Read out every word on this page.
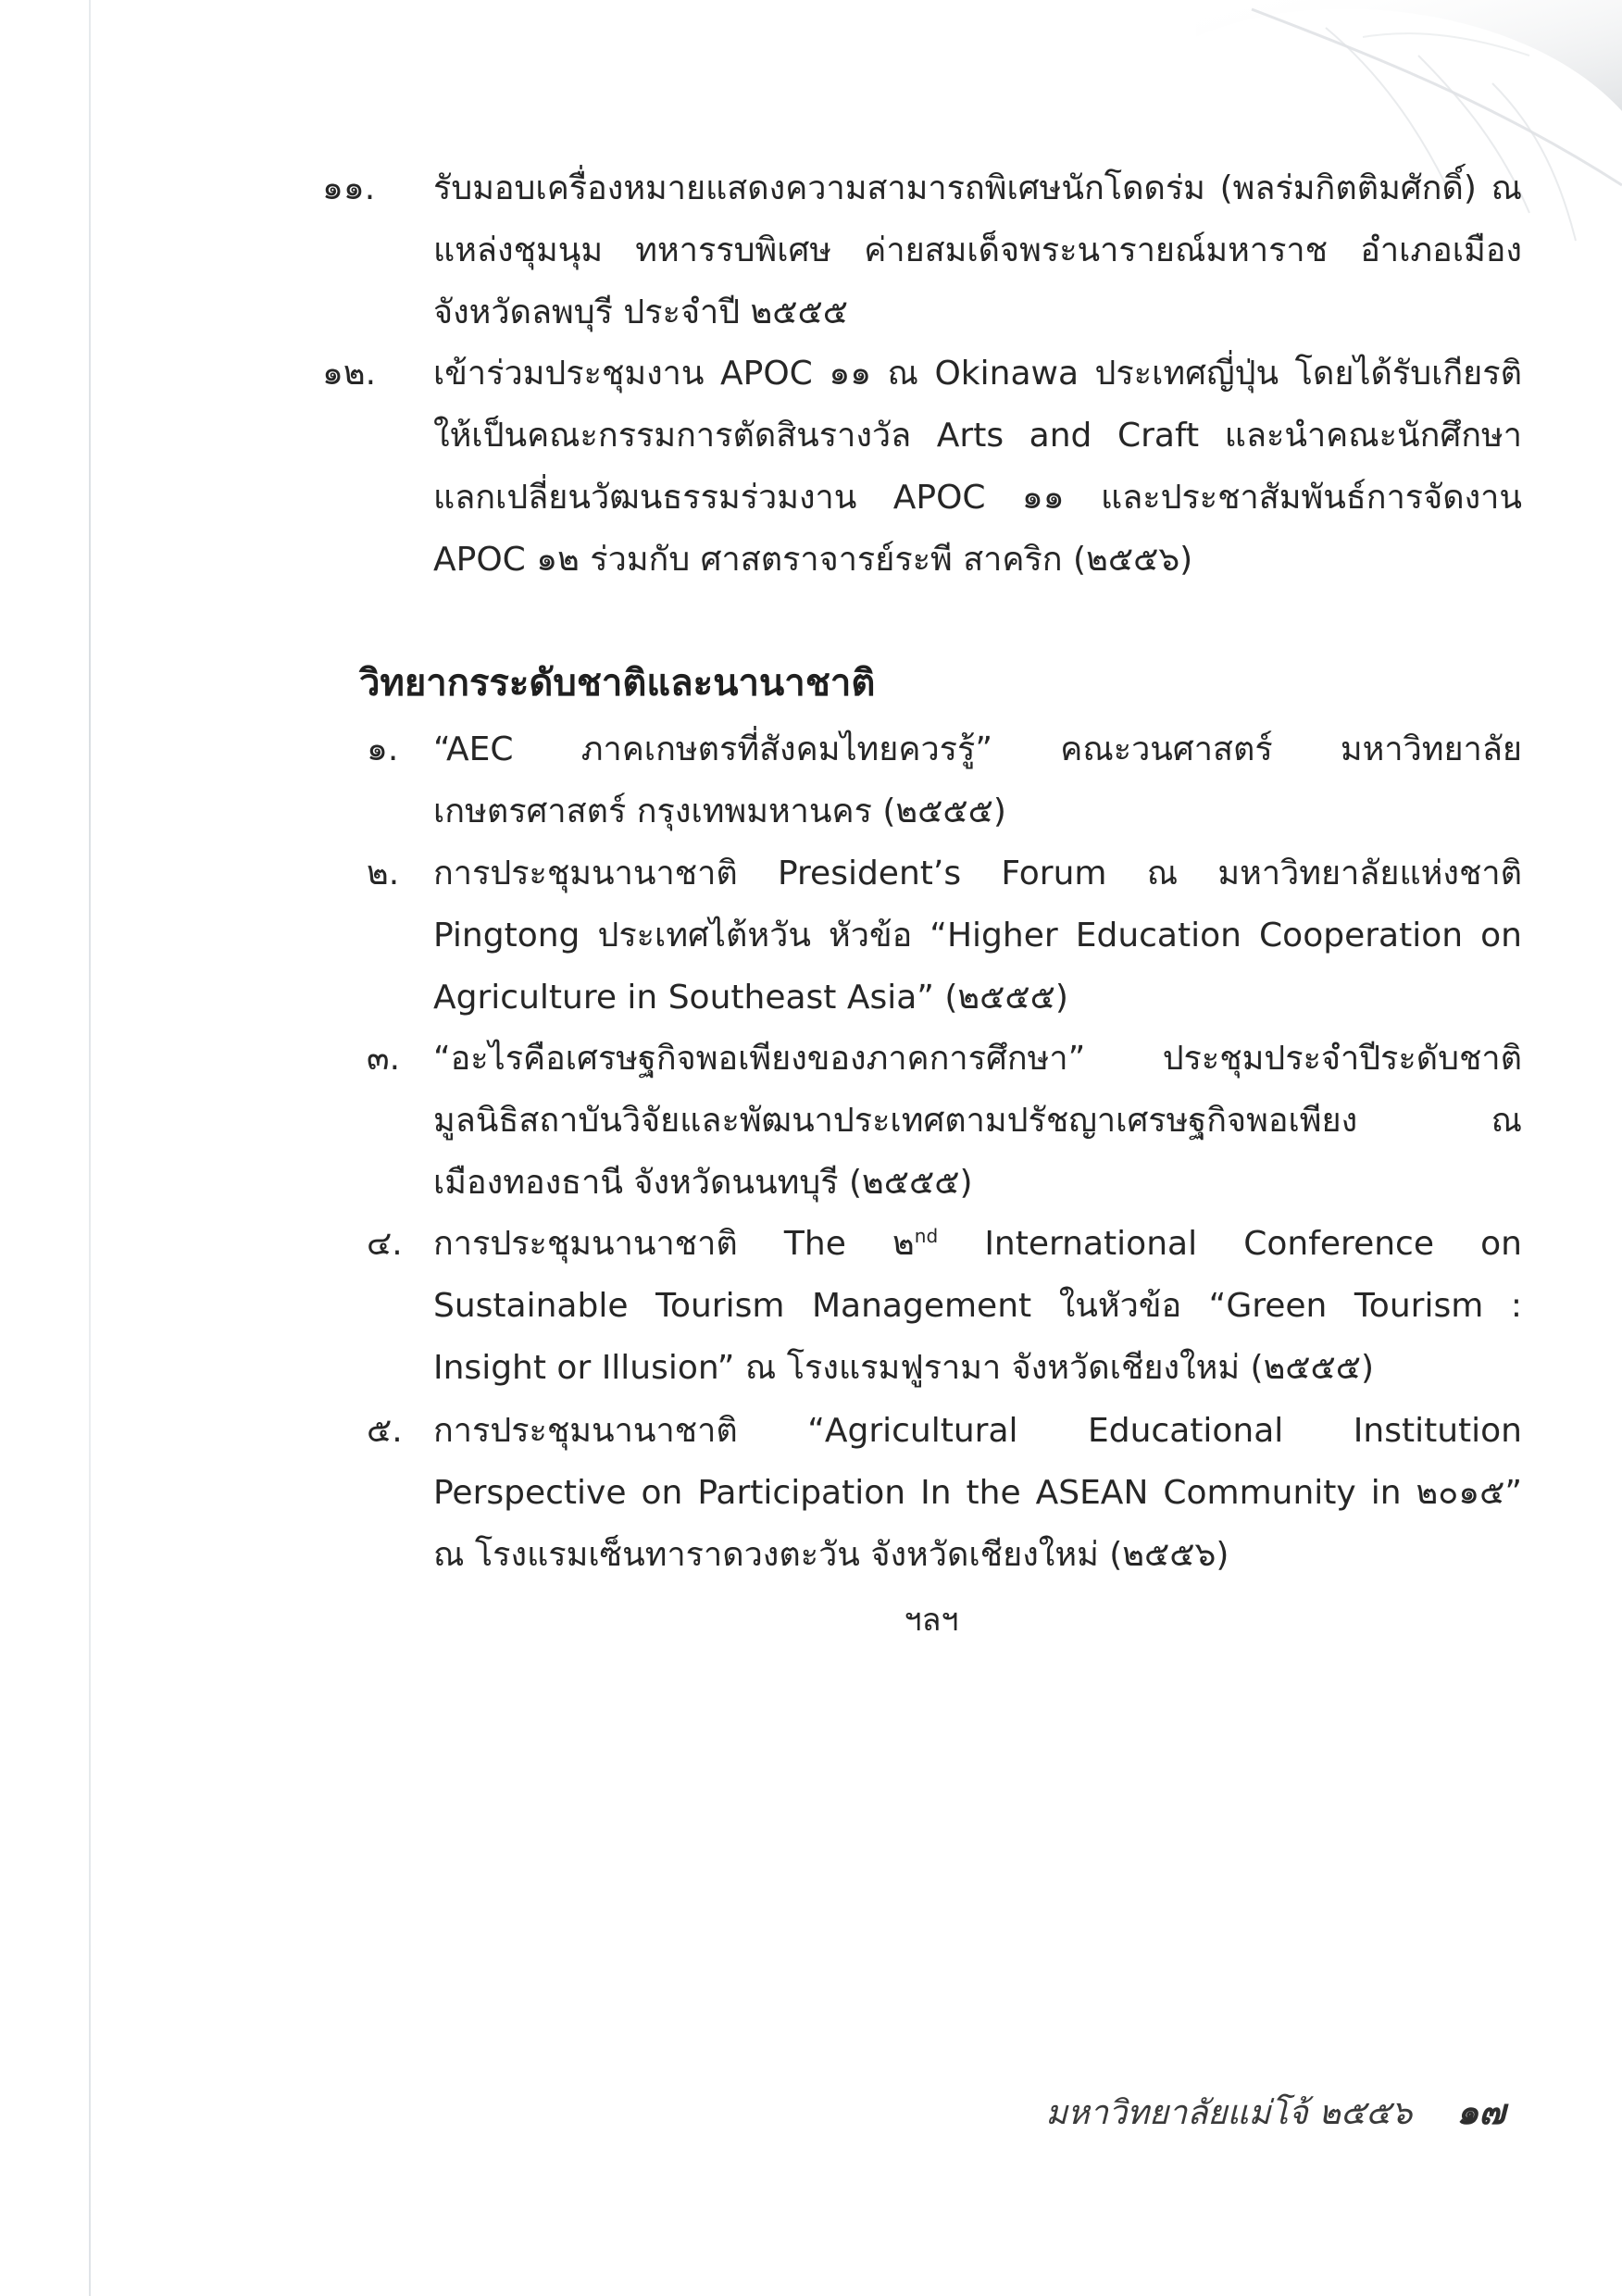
๑๑.	รับมอบเครื่องหมายแสดงความสามารถพิเศษนักโดดร่ม (พลร่มกิตติมศักดิ์) ณ แหล่งชุมนุม ทหารรบพิเศษ ค่ายสมเด็จพระนารายณ์มหาราช อำเภอเมือง จังหวัดลพบุรี ประจำปี ๒๕๕๕
๑๒.	เข้าร่วมประชุมงาน APOC ๑๑ ณ Okinawa ประเทศญี่ปุ่น โดยได้รับเกียรติให้เป็นคณะกรรมการตัดสินรางวัล Arts and Craft และนำคณะนักศึกษาแลกเปลี่ยนวัฒนธรรมร่วมงาน APOC ๑๑ และประชาสัมพันธ์การจัดงาน APOC ๑๒ ร่วมกับ ศาสตราจารย์ระพี สาคริก (๒๕๕๖)
วิทยากรระดับชาติและนานาชาติ
๑.	“AEC ภาคเกษตรที่สังคมไทยควรรู้” คณะวนศาสตร์ มหาวิทยาลัยเกษตรศาสตร์ กรุงเทพมหานคร (๒๕๕๕)
๒.	การประชุมนานาชาติ President’s Forum ณ มหาวิทยาลัยแห่งชาติ Pingtong ประเทศไต้หวัน หัวข้อ “Higher Education Cooperation on Agriculture in Southeast Asia” (๒๕๕๕)
๓. “อะไรคือเศรษฐกิจพอเพียงของภาคการศึกษา” ประชุมประจำปีระดับชาติ มูลนิธิสถาบันวิจัยและพัฒนาประเทศตามปรัชญาเศรษฐกิจพอเพียง ณ เมืองทองธานี จังหวัดนนทบุรี (๒๕๕๕)
๔. การประชุมนานาชาติ The ๒$^{nd}$ International Conference on Sustainable Tourism Management ในหัวข้อ “Green Tourism : Insight or Illusion” ณ โรงแรมฟูรามา จังหวัดเชียงใหม่ (๒๕๕๕)
๕. การประชุมนานาชาติ “Agricultural Educational Institution Perspective on Participation In the ASEAN Community in ๒๐๑๕” ณ โรงแรมเซ็นทาราดวงตะวัน จังหวัดเชียงใหม่ (๒๕๕๖)
ฯลฯ
มหาวิทยาลัยแม่โจ้ ๒๕๕๖ ๑๗
